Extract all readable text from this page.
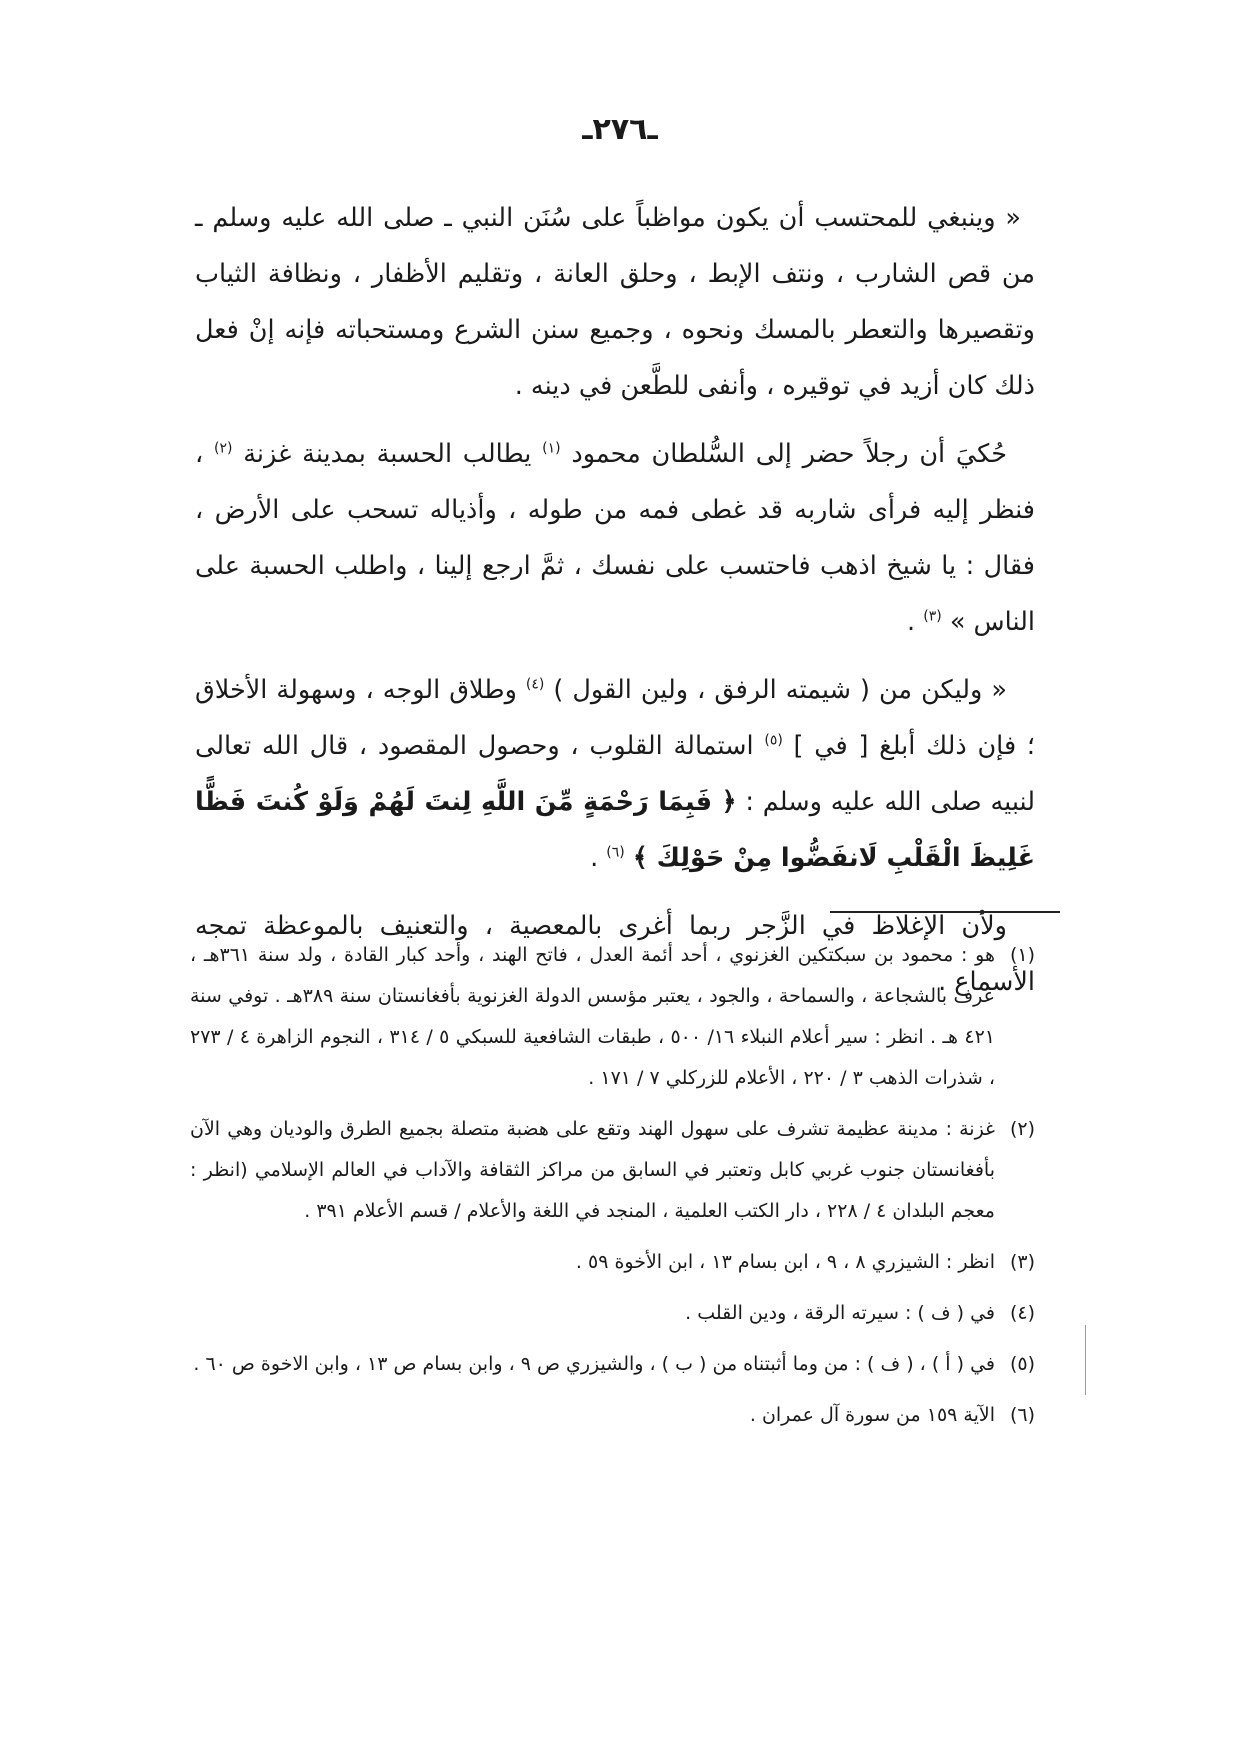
ـ٢٧٦ـ

« وينبغي للمحتسب أن يكون مواظباً على سُنَن النبي ـ صلى الله عليه وسلم ـ من قص الشارب ، ونتف الإبط ، وحلق العانة ، وتقليم الأظفار ، ونظافة الثياب وتقصيرها والتعطر بالمسك ونحوه ، وجميع سنن الشرع ومستحباته فإنه إنْ فعل ذلك كان أزيد في توقيره ، وأنفى للطَّعن في دينه .

حُكيَ أن رجلاً حضر إلى السُّلطان محمود $^{(١)}$ يطالب الحسبة بمدينة غزنة $^{(٢)}$ ، فنظر إليه فرأى شاربه قد غطى فمه من طوله ، وأذياله تسحب على الأرض ، فقال : يا شيخ اذهب فاحتسب على نفسك ، ثمَّ ارجع إلينا ، واطلب الحسبة على الناس » $^{(٣)}$ .

« وليكن من ( شيمته الرفق ، ولين القول ) $^{(٤)}$ وطلاق الوجه ، وسهولة الأخلاق ؛ فإن ذلك أبلغ [ في ] $^{(٥)}$ استمالة القلوب ، وحصول المقصود ، قال الله تعالى لنبيه صلى الله عليه وسلم : ﴿ فَبِمَا رَحْمَةٍ مِّنَ اللَّهِ لِنتَ لَهُمْ وَلَوْ كُنتَ فَظًّا غَلِيظَ الْقَلْبِ لَانفَضُّوا مِنْ حَوْلِكَ ﴾ $^{(٦)}$ .

ولأن الإغلاظ في الزَّجر ربما أغرى بالمعصية ، والتعنيف بالموعظة تمجه الأسماع .

(١)
هو : محمود بن سبكتكين الغزنوي ، أحد أئمة العدل ، فاتح الهند ، وأحد كبار القادة ، ولد سنة ٣٦١هـ ، عرف بالشجاعة ، والسماحة ، والجود ، يعتبر مؤسس الدولة الغزنوية بأفغانستان سنة ٣٨٩هـ . توفي سنة ٤٢١ هـ . انظر : سير أعلام النبلاء ١٦/ ٥٠٠ ، طبقات الشافعية للسبكي ٥ / ٣١٤ ، النجوم الزاهرة ٤ / ٢٧٣ ، شذرات الذهب ٣ / ٢٢٠ ، الأعلام للزركلي ٧ / ١٧١ .
(٢)
غزنة : مدينة عظيمة تشرف على سهول الهند وتقع على هضبة متصلة بجميع الطرق والوديان وهي الآن بأفغانستان جنوب غربي كابل وتعتبر في السابق من مراكز الثقافة والآداب في العالم الإسلامي (انظر : معجم البلدان ٤ / ٢٢٨ ، دار الكتب العلمية ، المنجد في اللغة والأعلام / قسم الأعلام ٣٩١ .
(٣)
انظر : الشيزري ٨ ، ٩ ، ابن بسام ١٣ ، ابن الأخوة ٥٩ .
(٤)
في ( ف ) : سيرته الرقة ، ودين القلب .
(٥)
في ( أ ) ، ( ف ) : من وما أثبتناه من ( ب ) ، والشيزري ص ٩ ، وابن بسام ص ١٣ ، وابن الاخوة ص ٦٠ .
(٦)
الآية ١٥٩ من سورة آل عمران .
